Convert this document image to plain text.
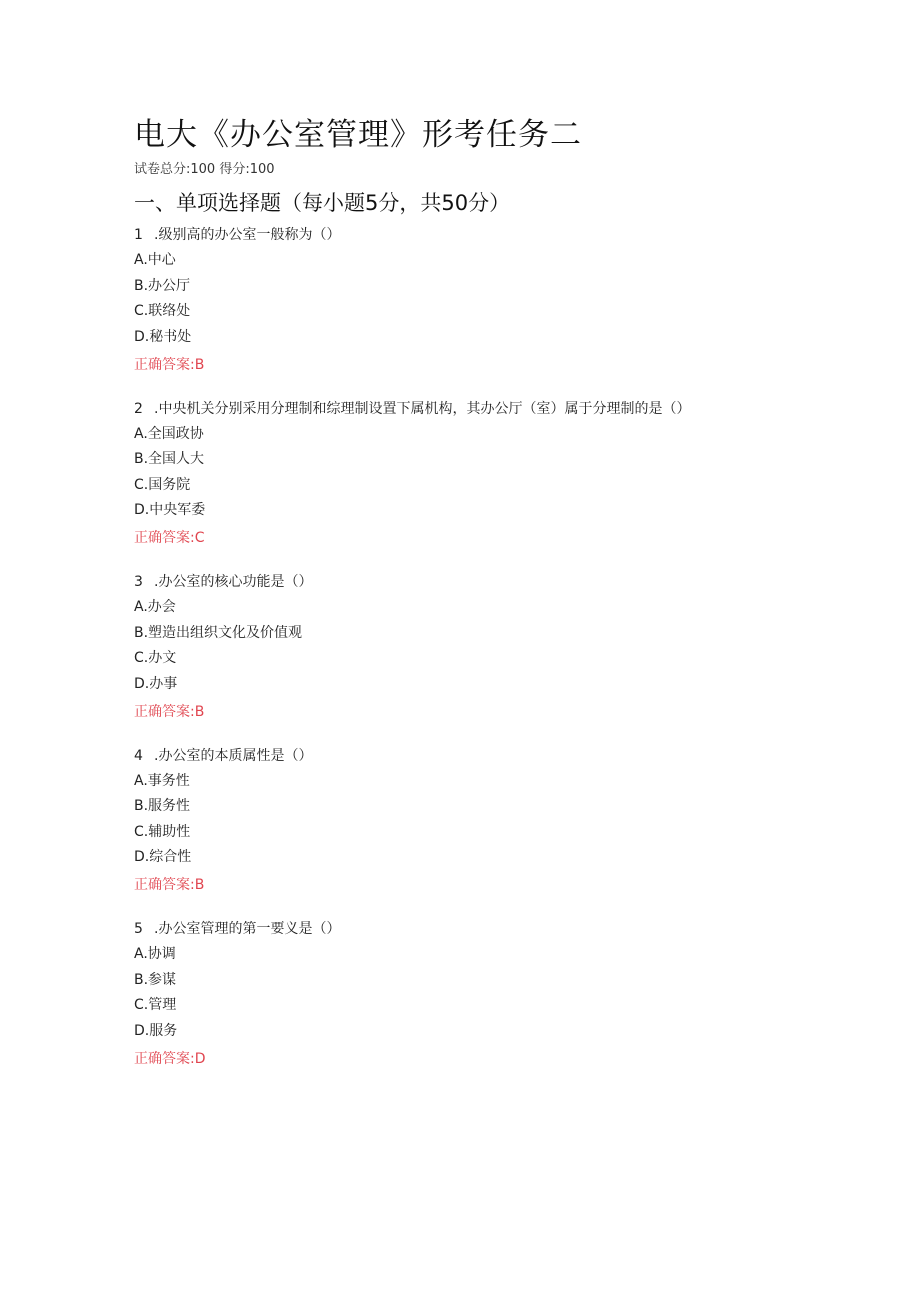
电大《办公室管理》形考任务二
试卷总分:100 得分:100
一、单项选择题（每小题5分，共50分）
1 .级别高的办公室一般称为（）
A.中心
B.办公厅
C.联络处
D.秘书处
正确答案:B
2 .中央机关分别采用分理制和综理制设置下属机构，其办公厅（室）属于分理制的是（）
A.全国政协
B.全国人大
C.国务院
D.中央军委
正确答案:C
3 .办公室的核心功能是（）
A.办会
B.塑造出组织文化及价值观
C.办文
D.办事
正确答案:B
4 .办公室的本质属性是（）
A.事务性
B.服务性
C.辅助性
D.综合性
正确答案:B
5 .办公室管理的第一要义是（）
A.协调
B.参谋
C.管理
D.服务
正确答案:D
